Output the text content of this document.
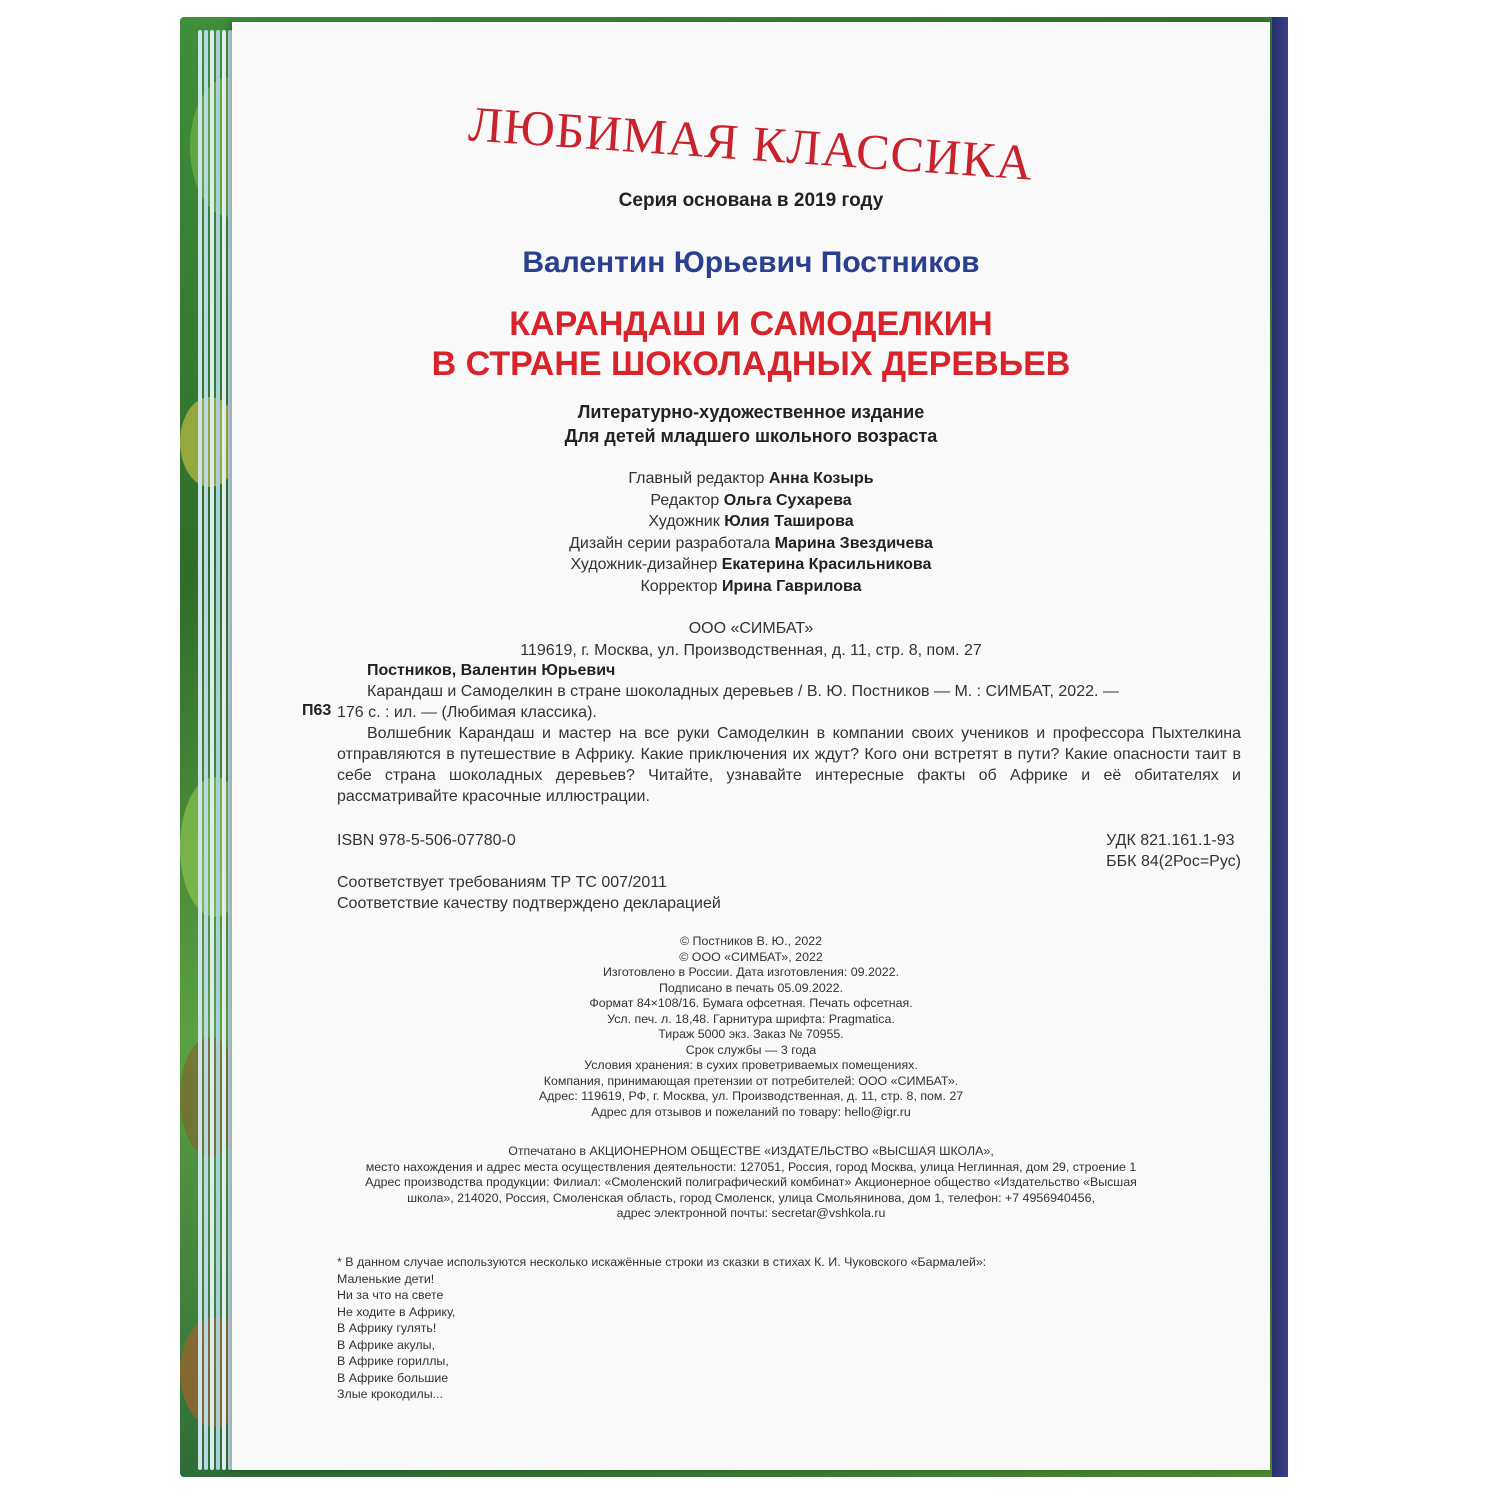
ЛЮБИМАЯ КЛАССИКА
Серия основана в 2019 году
Валентин Юрьевич Постников
КАРАНДАШ И САМОДЕЛКИН
В СТРАНЕ ШОКОЛАДНЫХ ДЕРЕВЬЕВ
Литературно-художественное издание
Для детей младшего школьного возраста
Главный редактор Анна Козырь
Редактор Ольга Сухарева
Художник Юлия Таширова
Дизайн серии разработала Марина Звездичева
Художник-дизайнер Екатерина Красильникова
Корректор Ирина Гаврилова
ООО «СИМБАТ»
119619, г. Москва, ул. Производственная, д. 11, стр. 8, пом. 27
П63
Постников, Валентин Юрьевич
Карандаш и Самоделкин в стране шоколадных деревьев / В. Ю. Постников — М. : СИМБАТ, 2022. —
176 с. : ил. — (Любимая классика).
Волшебник Карандаш и мастер на все руки Самоделкин в компании своих учеников и профессора Пыхтелкина отправляются в путешествие в Африку. Какие приключения их ждут? Кого они встретят в пути? Какие опасности таит в себе страна шоколадных деревьев? Читайте, узнавайте интересные факты об Африке и её обитателях и рассматривайте красочные иллюстрации.
ISBN 978-5-506-07780-0	УДК 821.161.1-93
ББК 84(2Рос=Рус)
Соответствует требованиям ТР ТС 007/2011
Соответствие качеству подтверждено декларацией
© Постников В. Ю., 2022
© ООО «СИМБАТ», 2022
Изготовлено в России. Дата изготовления: 09.2022.
Подписано в печать 05.09.2022.
Формат 84×108/16. Бумага офсетная. Печать офсетная.
Усл. печ. л. 18,48. Гарнитура шрифта: Pragmatica.
Тираж 5000 экз. Заказ № 70955.
Срок службы — 3 года
Условия хранения: в сухих проветриваемых помещениях.
Компания, принимающая претензии от потребителей: ООО «СИМБАТ».
Адрес: 119619, РФ, г. Москва, ул. Производственная, д. 11, стр. 8, пом. 27
Адрес для отзывов и пожеланий по товару: hello@igr.ru
Отпечатано в АКЦИОНЕРНОМ ОБЩЕСТВЕ «ИЗДАТЕЛЬСТВО «ВЫСШАЯ ШКОЛА»,
место нахождения и адрес места осуществления деятельности: 127051, Россия, город Москва, улица Неглинная, дом 29, строение 1
Адрес производства продукции: Филиал: «Смоленский полиграфический комбинат» Акционерное общество «Издательство «Высшая
школа», 214020, Россия, Смоленская область, город Смоленск, улица Смольянинова, дом 1, телефон: +7 4956940456,
адрес электронной почты: secretar@vshkola.ru
* В данном случае используются несколько искажённые строки из сказки в стихах К. И. Чуковского «Бармалей»:
Маленькие дети!
Ни за что на свете
Не ходите в Африку,
В Африку гулять!
В Африке акулы,
В Африке гориллы,
В Африке большие
Злые крокодилы...
